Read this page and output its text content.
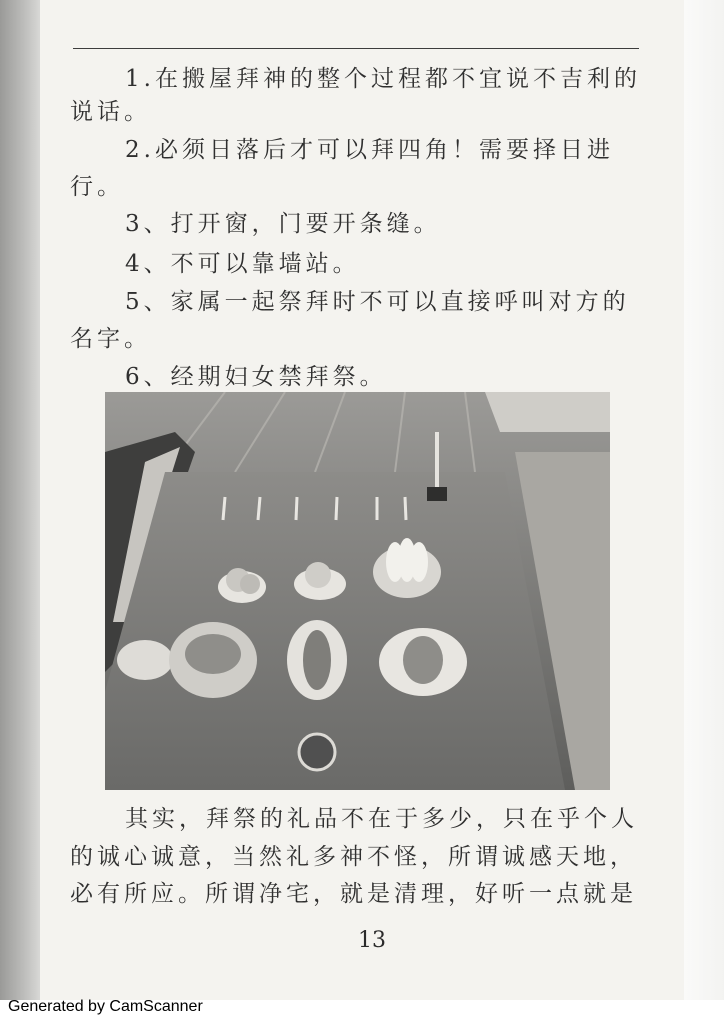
1.在搬屋拜神的整个过程都不宜说不吉利的
说话。
2.必须日落后才可以拜四角！需要择日进
行。
3、打开窗，门要开条缝。
4、不可以靠墙站。
5、家属一起祭拜时不可以直接呼叫对方的
名字。
6、经期妇女禁拜祭。
其实，拜祭的礼品不在于多少，只在乎个人
的诚心诚意，当然礼多神不怪，所谓诚感天地，
必有所应。所谓净宅，就是清理，好听一点就是
13
Generated by CamScanner
